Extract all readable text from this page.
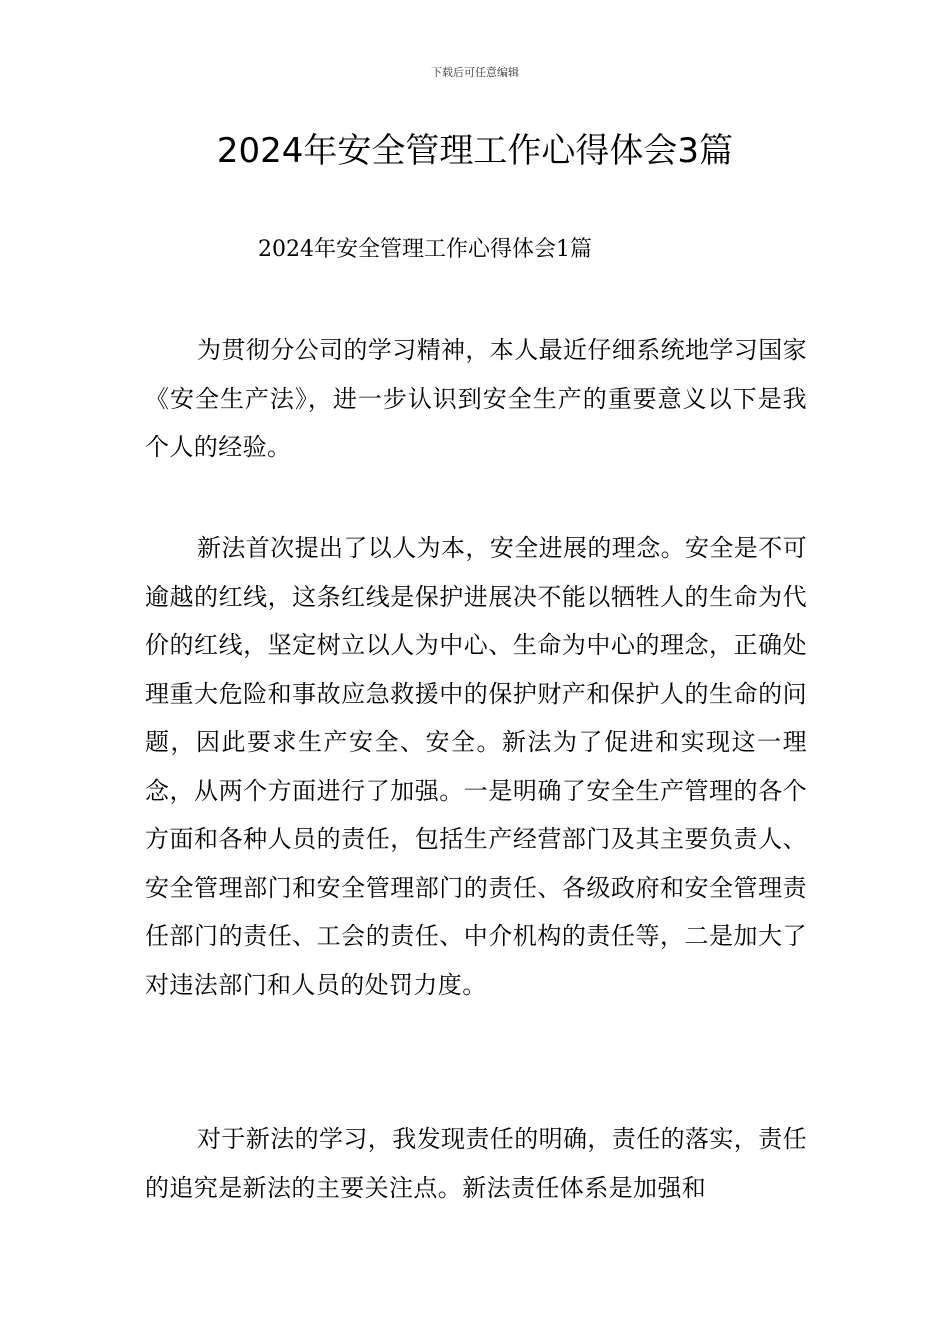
下载后可任意编辑
2024年安全管理工作心得体会3篇
2024年安全管理工作心得体会1篇

为贯彻分公司的学习精神，本人最近仔细系统地学习国家《安全生产法》，进一步认识到安全生产的重要意义以下是我个人的经验。

新法首次提出了以人为本，安全进展的理念。安全是不可逾越的红线，这条红线是保护进展决不能以牺牲人的生命为代价的红线，坚定树立以人为中心、生命为中心的理念，正确处理重大危险和事故应急救援中的保护财产和保护人的生命的问题，因此要求生产安全、安全。新法为了促进和实现这一理念，从两个方面进行了加强。一是明确了安全生产管理的各个方面和各种人员的责任，包括生产经营部门及其主要负责人、安全管理部门和安全管理部门的责任、各级政府和安全管理责任部门的责任、工会的责任、中介机构的责任等，二是加大了对违法部门和人员的处罚力度。

对于新法的学习，我发现责任的明确，责任的落实，责任的追究是新法的主要关注点。新法责任体系是加强和
